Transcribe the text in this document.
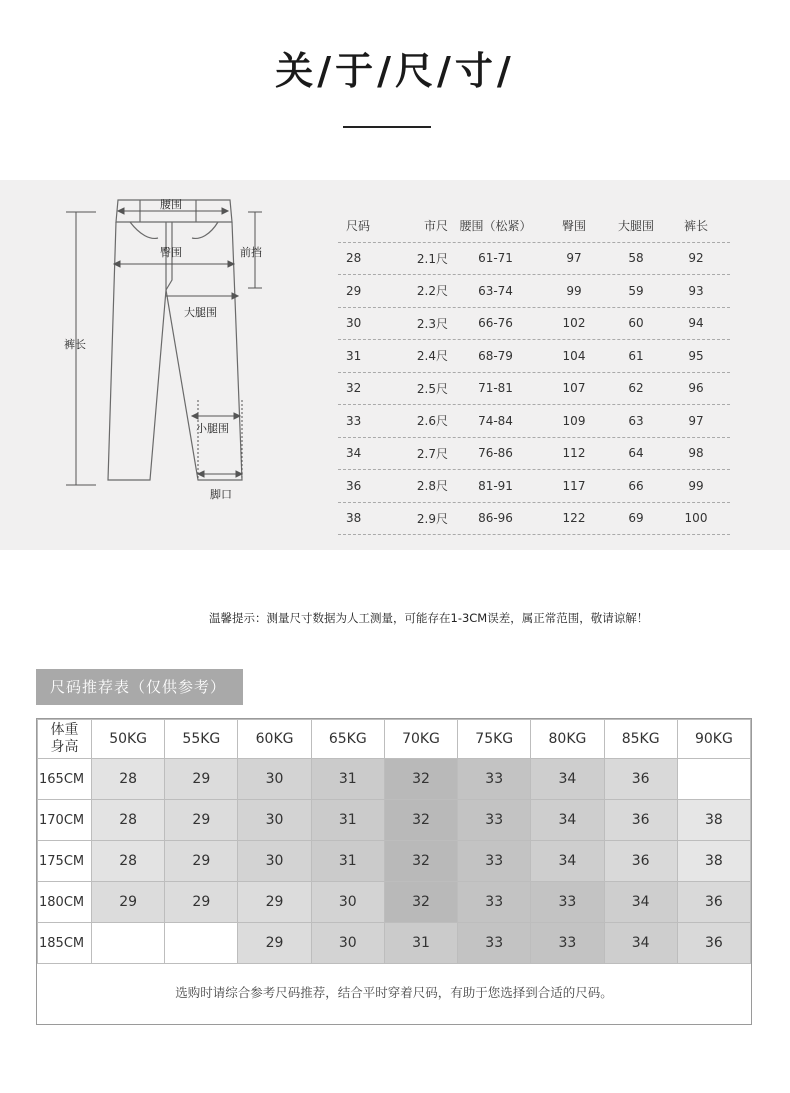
关/于/尺/寸/
腰围
臀围	前挡
大腿围
裤长
小腿围
脚口
尺码	市尺 腰围（松紧）	臀围	大腿围	裤长
28	2.1尺	61-71	97	58	92
29	2.2尺	63-74	99	59	93
30	2.3尺	66-76	102	60	94
31	2.4尺	68-79	104	61	95
32	2.5尺	71-81	107	62	96
33	2.6尺	74-84	109	63	97
34	2.7尺	76-86	112	64	98
36	2.8尺	81-91	117	66	99
38	2.9尺	86-96	122	69	100
温馨提示：测量尺寸数据为人工测量，可能存在1-3CM误差，属正常范围，敬请谅解！
尺码推荐表（仅供参考）
体重
身高	50KG	55KG	60KG	65KG	70KG	75KG	80KG	85KG	90KG
165CM	28	29	30	31	32	33	34	36	
170CM	28	29	30	31	32	33	34	36	38
175CM	28	29	30	31	32	33	34	36	38
180CM	29	29	29	30	32	33	33	34	36
185CM			29	30	31	33	33	34	36
选购时请综合参考尺码推荐，结合平时穿着尺码，有助于您选择到合适的尺码。
